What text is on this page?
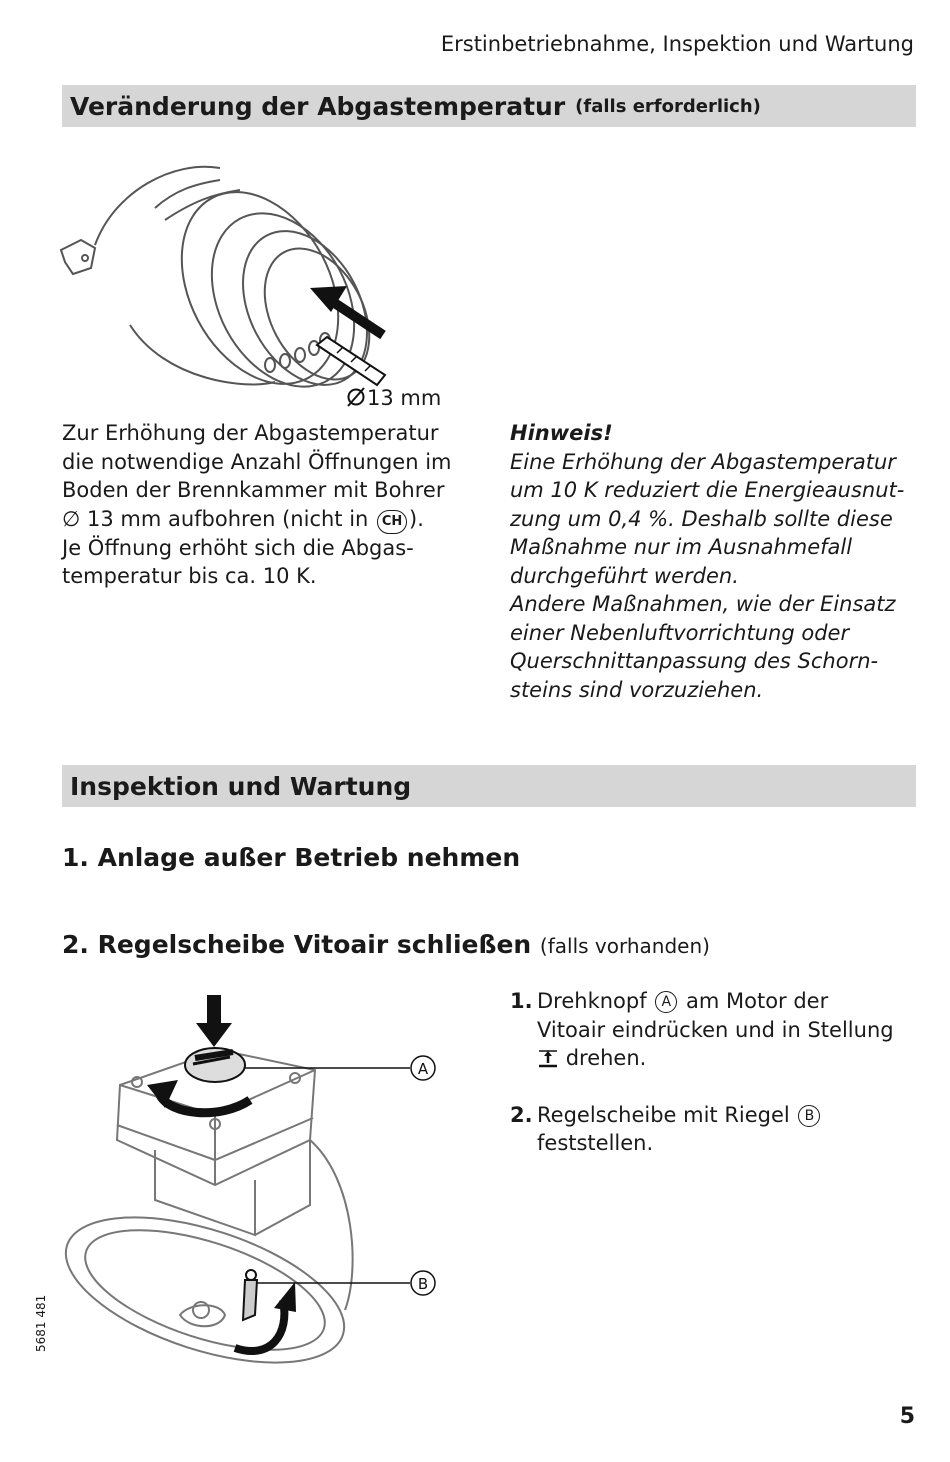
Erstinbetriebnahme, Inspektion und Wartung
Veränderung der Abgastemperatur (falls erforderlich)
13 mm
Zur Erhöhung der Abgastemperatur
die notwendige Anzahl Öffnungen im
Boden der Brennkammer mit Bohrer
∅ 13 mm aufbohren (nicht in CH ).
Je Öffnung erhöht sich die Abgas-
temperatur bis ca. 10 K.
Hinweis!
Eine Erhöhung der Abgastemperatur
um 10 K reduziert die Energieausnut-
zung um 0,4 %. Deshalb sollte diese
Maßnahme nur im Ausnahmefall
durchgeführt werden.
Andere Maßnahmen, wie der Einsatz
einer Nebenluftvorrichtung oder
Querschnittanpassung des Schorn-
steins sind vorzuziehen.
Inspektion und Wartung
1. Anlage außer Betrieb nehmen
2. Regelscheibe Vitoair schließen (falls vorhanden)
A
B
1. Drehknopf A am Motor der
Vitoair eindrücken und in Stellung
drehen.
2. Regelscheibe mit Riegel B
feststellen.
5681 481
5
